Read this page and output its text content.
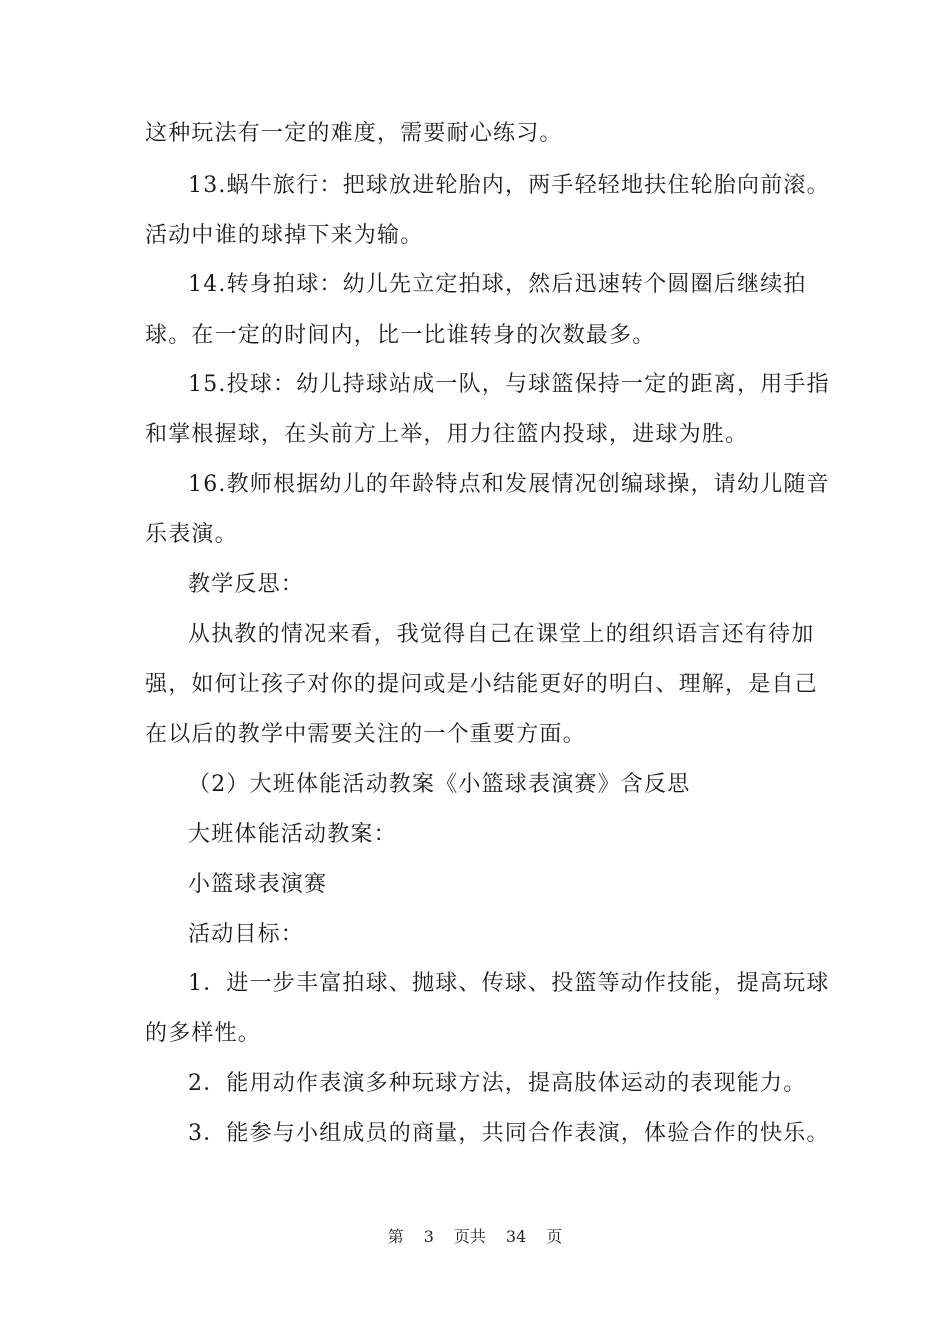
这种玩法有一定的难度，需要耐心练习。
13.蜗牛旅行：把球放进轮胎内，两手轻轻地扶住轮胎向前滚。
活动中谁的球掉下来为输。
14.转身拍球：幼儿先立定拍球，然后迅速转个圆圈后继续拍
球。在一定的时间内，比一比谁转身的次数最多。
15.投球：幼儿持球站成一队，与球篮保持一定的距离，用手指
和掌根握球，在头前方上举，用力往篮内投球，进球为胜。
16.教师根据幼儿的年龄特点和发展情况创编球操，请幼儿随音
乐表演。
教学反思：
从执教的情况来看，我觉得自己在课堂上的组织语言还有待加
强，如何让孩子对你的提问或是小结能更好的明白、理解，是自己
在以后的教学中需要关注的一个重要方面。
（2）大班体能活动教案《小篮球表演赛》含反思
大班体能活动教案：
小篮球表演赛
活动目标：
1．进一步丰富拍球、抛球、传球、投篮等动作技能，提高玩球
的多样性。
2．能用动作表演多种玩球方法，提高肢体运动的表现能力。
3．能参与小组成员的商量，共同合作表演，体验合作的快乐。
第 3 页共 34 页
